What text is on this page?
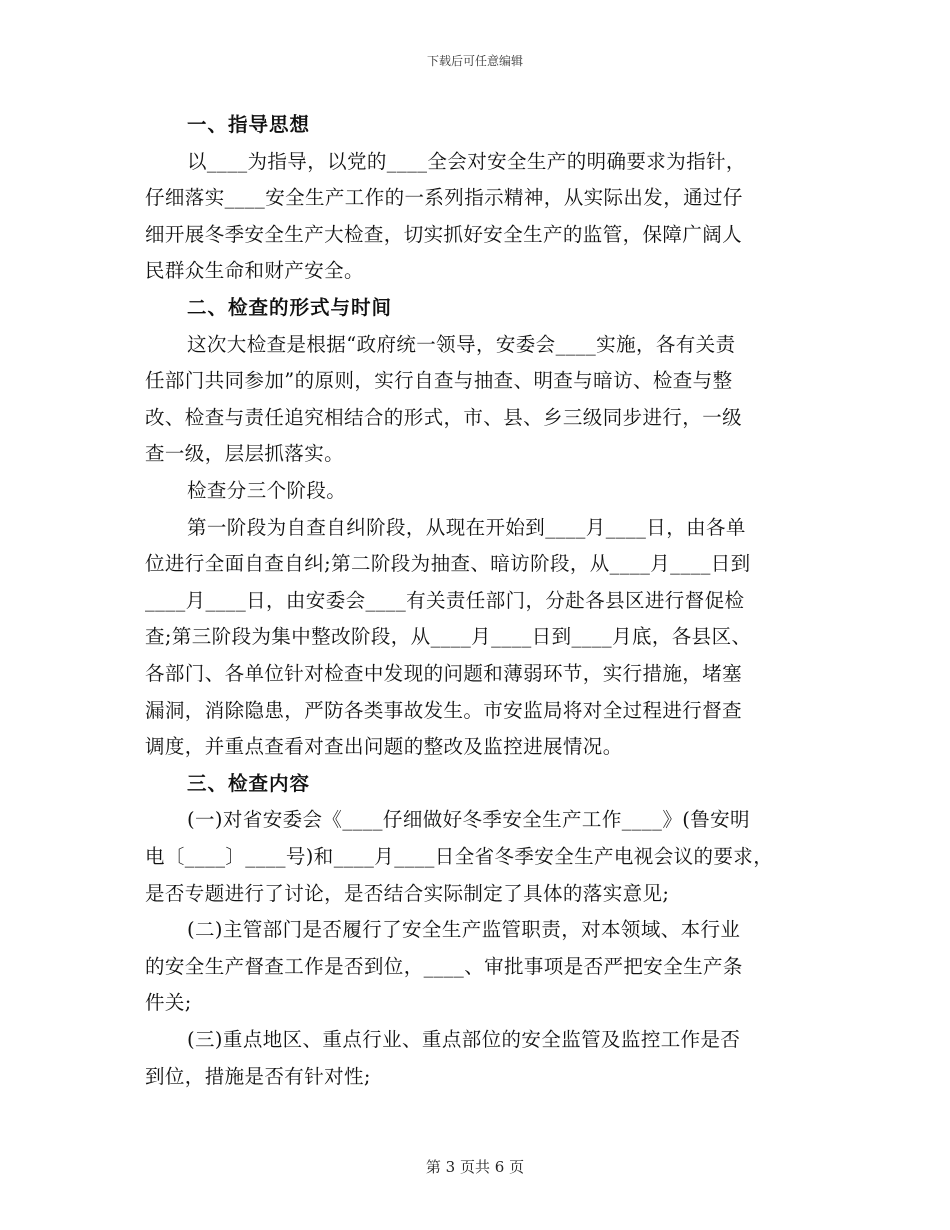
下载后可任意编辑
一、指导思想
以____为指导，以党的____全会对安全生产的明确要求为指针，
仔细落实____安全生产工作的一系列指示精神，从实际出发，通过仔
细开展冬季安全生产大检查，切实抓好安全生产的监管，保障广阔人
民群众生命和财产安全。
二、检查的形式与时间
这次大检查是根据“政府统一领导，安委会____实施，各有关责
任部门共同参加”的原则，实行自查与抽查、明查与暗访、检查与整
改、检查与责任追究相结合的形式，市、县、乡三级同步进行，一级
查一级，层层抓落实。
检查分三个阶段。
第一阶段为自查自纠阶段，从现在开始到____月____日，由各单
位进行全面自查自纠;第二阶段为抽查、暗访阶段，从____月____日到
____月____日，由安委会____有关责任部门，分赴各县区进行督促检
查;第三阶段为集中整改阶段，从____月____日到____月底，各县区、
各部门、各单位针对检查中发现的问题和薄弱环节，实行措施，堵塞
漏洞，消除隐患，严防各类事故发生。市安监局将对全过程进行督查
调度，并重点查看对查出问题的整改及监控进展情况。
三、检查内容
(一)对省安委会《____仔细做好冬季安全生产工作____》(鲁安明
电〔____〕____号)和____月____日全省冬季安全生产电视会议的要求，
是否专题进行了讨论，是否结合实际制定了具体的落实意见;
(二)主管部门是否履行了安全生产监管职责，对本领域、本行业
的安全生产督查工作是否到位，____、审批事项是否严把安全生产条
件关;
(三)重点地区、重点行业、重点部位的安全监管及监控工作是否
到位，措施是否有针对性;
第 3 页共 6 页
